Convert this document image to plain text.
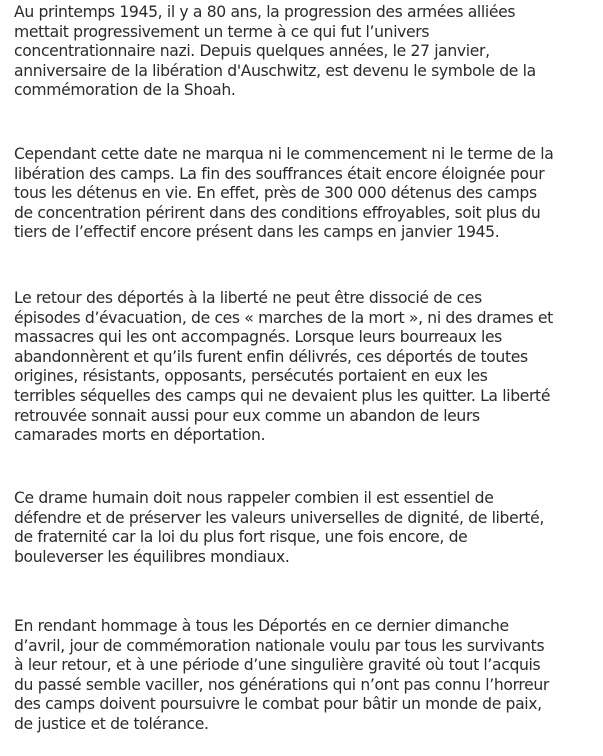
Au printemps 1945, il y a 80 ans, la progression des armées alliées
mettait progressivement un terme à ce qui fut l’univers
concentrationnaire nazi. Depuis quelques années, le 27 janvier,
anniversaire de la libération d'Auschwitz, est devenu le symbole de la
commémoration de la Shoah.

Cependant cette date ne marqua ni le commencement ni le terme de la
libération des camps. La fin des souffrances était encore éloignée pour
tous les détenus en vie. En effet, près de 300 000 détenus des camps
de concentration périrent dans des conditions effroyables, soit plus du
tiers de l’effectif encore présent dans les camps en janvier 1945.

Le retour des déportés à la liberté ne peut être dissocié de ces
épisodes d’évacuation, de ces « marches de la mort », ni des drames et
massacres qui les ont accompagnés. Lorsque leurs bourreaux les
abandonnèrent et qu’ils furent enfin délivrés, ces déportés de toutes
origines, résistants, opposants, persécutés portaient en eux les
terribles séquelles des camps qui ne devaient plus les quitter. La liberté
retrouvée sonnait aussi pour eux comme un abandon de leurs
camarades morts en déportation.

Ce drame humain doit nous rappeler combien il est essentiel de
défendre et de préserver les valeurs universelles de dignité, de liberté,
de fraternité car la loi du plus fort risque, une fois encore, de
bouleverser les équilibres mondiaux.

En rendant hommage à tous les Déportés en ce dernier dimanche
d’avril, jour de commémoration nationale voulu par tous les survivants
à leur retour, et à une période d’une singulière gravité où tout l’acquis
du passé semble vaciller, nos générations qui n’ont pas connu l’horreur
des camps doivent poursuivre le combat pour bâtir un monde de paix,
de justice et de tolérance.
